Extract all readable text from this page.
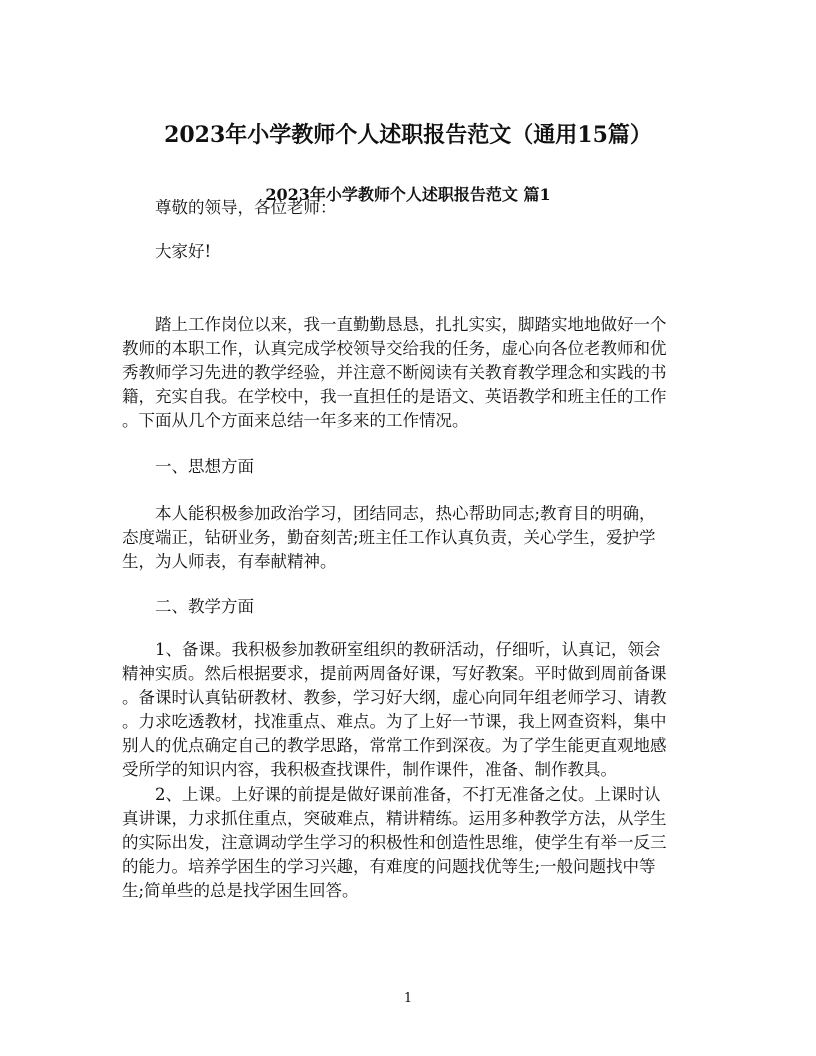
2023年小学教师个人述职报告范文（通用15篇）
2023年小学教师个人述职报告范文 篇1
　　尊敬的领导，各位老师：
　　大家好!
　　踏上工作岗位以来，我一直勤勤恳恳，扎扎实实，脚踏实地地做好一个
教师的本职工作，认真完成学校领导交给我的任务，虚心向各位老教师和优
秀教师学习先进的教学经验，并注意不断阅读有关教育教学理念和实践的书
籍，充实自我。在学校中，我一直担任的是语文、英语教学和班主任的工作
。下面从几个方面来总结一年多来的工作情况。
　　一、思想方面
　　本人能积极参加政治学习，团结同志，热心帮助同志;教育目的明确，
态度端正，钻研业务，勤奋刻苦;班主任工作认真负责，关心学生，爱护学
生，为人师表，有奉献精神。
　　二、教学方面
　　1、备课。我积极参加教研室组织的教研活动，仔细听，认真记，领会
精神实质。然后根据要求，提前两周备好课，写好教案。平时做到周前备课
。备课时认真钻研教材、教参，学习好大纲，虚心向同年组老师学习、请教
。力求吃透教材，找准重点、难点。为了上好一节课，我上网查资料，集中
别人的优点确定自己的教学思路，常常工作到深夜。为了学生能更直观地感
受所学的知识内容，我积极查找课件，制作课件，准备、制作教具。
　　2、上课。上好课的前提是做好课前准备，不打无准备之仗。上课时认
真讲课，力求抓住重点，突破难点，精讲精练。运用多种教学方法，从学生
的实际出发，注意调动学生学习的积极性和创造性思维，使学生有举一反三
的能力。培养学困生的学习兴趣，有难度的问题找优等生;一般问题找中等
生;简单些的总是找学困生回答。
1
